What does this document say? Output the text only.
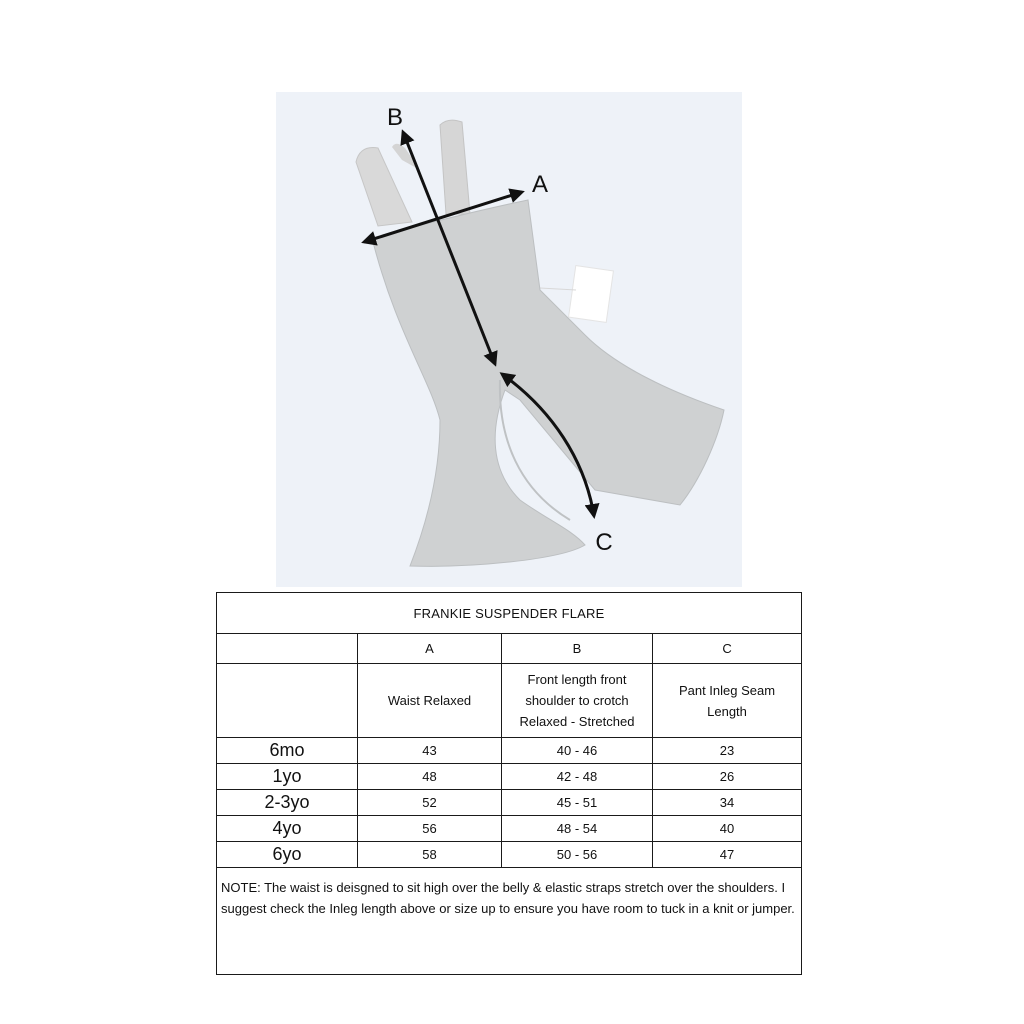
B
A
C
FRANKIE SUSPENDER FLARE			
	A	B	C
	Waist Relaxed	Front length front shoulder to crotch Relaxed - Stretched	Pant Inleg Seam Length
6mo	43	40 - 46	23
1yo	48	42 - 48	26
2-3yo	52	45 - 51	34
4yo	56	48 - 54	40
6yo	58	50 - 56	47
NOTE: The waist is deisgned to sit high over the belly & elastic straps stretch over the shoulders. I suggest check the Inleg length above or size up to ensure you have room to tuck in a knit or jumper.			
